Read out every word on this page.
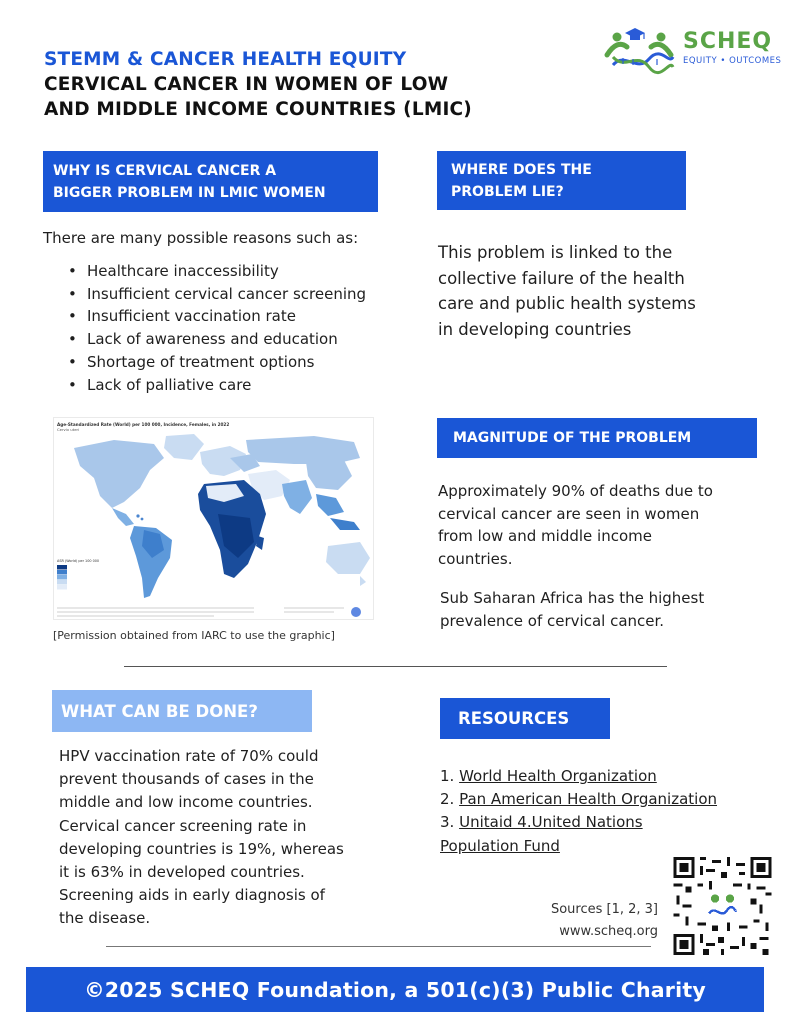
STEMM & CANCER HEALTH EQUITY
CERVICAL CANCER IN WOMEN OF LOW
AND MIDDLE INCOME COUNTRIES (LMIC)
SCHEQ
EQUITY • OUTCOMES
WHY IS CERVICAL CANCER A
BIGGER PROBLEM IN LMIC WOMEN
There are many possible reasons such as:
• Healthcare inaccessibility
• Insufficient cervical cancer screening
• Insufficient vaccination rate
• Lack of awareness and education
• Shortage of treatment options
• Lack of palliative care
WHERE DOES THE
PROBLEM LIE?
This problem is linked to the
collective failure of the health
care and public health systems
in developing countries
Age-Standardized Rate (World) per 100 000, Incidence, Females, in 2022
Cervix uteri
ASR (World) per 100 000
[Permission obtained from IARC to use the graphic]
MAGNITUDE OF THE PROBLEM
Approximately 90% of deaths due to
cervical cancer are seen in women
from low and middle income
countries.
Sub Saharan Africa has the highest
prevalence of cervical cancer.
WHAT CAN BE DONE?
HPV vaccination rate of 70% could
prevent thousands of cases in the
middle and low income countries.
Cervical cancer screening rate in
developing countries is 19%, whereas
it is 63% in developed countries.
Screening aids in early diagnosis of
the disease.
RESOURCES
1. World Health Organization
2. Pan American Health Organization
3. Unitaid 4.United Nations
Population Fund
Sources [1, 2, 3]
www.scheq.org
©2025 SCHEQ Foundation, a 501(c)(3) Public Charity
